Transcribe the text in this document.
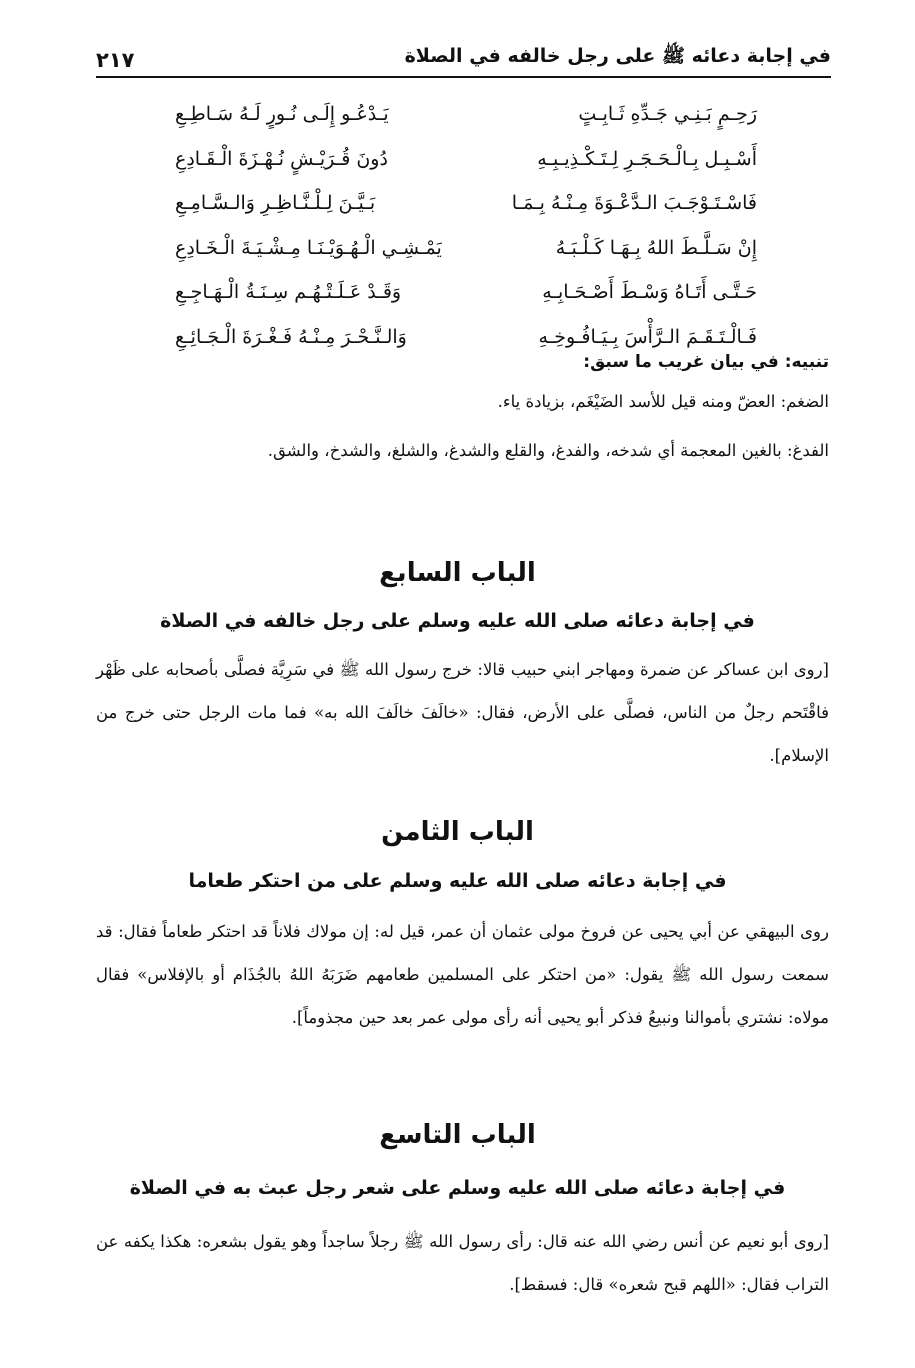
في إجابة دعائه ﷺ على رجل خالفه في الصلاة
٢١٧
رَحِـمٍ بَـنِـي جَـدِّهِ ثَـابِـتٍ
يَـدْعُـو إِلَـى نُـورٍ لَـهُ سَـاطِـعِ
أَسْـبِـل بِـالْـحَـجَـرِ لِـتَـكْـذِيـبِـهِ
دُونَ قُـرَيْـشٍ نُـهْـزَةَ الْـقَـادِعِ
فَاسْـتَـوْجَـبَ الـدَّعْـوَةَ مِـنْـهُ بِـمَـا
بَـيَّـنَ لِـلْـنَّـاظِـرِ وَالـسَّـامِـعِ
إِنْ سَـلَّـطَ اللهُ بِـهَـا كَـلْـبَـهُ
يَمْـشِـي الْـهُـوَيْـنَـا مِـشْـيَـةَ الْـخَـادِعِ
حَـتَّـى أَتَـاهُ وَسْـطَ أَصْـحَـابِـهِ
وَقَـدْ عَـلَـتْـهُـم سِـنَـةُ الْـهَـاجِـعِ
فَـالْـتَـقَـمَ الـرَّأْسَ بِـيَـافُـوخِـهِ
وَالـنَّـحْـرَ مِـنْـهُ فَـغْـرَةَ الْـجَـائِـعِ
تنبيه: في بيان غريب ما سبق:
الضغم: العضّ ومنه قيل للأسد الضَيْغَم، بزيادة ياء.
الفدغ: بالغين المعجمة أي شدخه، والفدغ، والقلع والشدغ، والشلغ، والشدخ، والشق.
الباب السابع
في إجابة دعائه صلى الله عليه وسلم على رجل خالفه في الصلاة
[روى ابن عساكر عن ضمرة ومهاجر ابني حبيب قالا: خرج رسول الله ﷺ في سَرِيَّة فصلَّى بأصحابه على ظَهْر فاقْتَحم رجلٌ من الناس، فصلَّى على الأرض، فقال: «خالَفَ خالَفَ الله به» فما مات الرجل حتى خرج من الإسلام].
الباب الثامن
في إجابة دعائه صلى الله عليه وسلم على من احتكر طعاما
روى البيهقي عن أبي يحيى عن فروخ مولى عثمان أن عمر، قيل له: إن مولاك فلاناً قد احتكر طعاماً فقال: قد سمعت رسول الله ﷺ يقول: «من احتكر على المسلمين طعامهم ضَرَبَهُ اللهُ بالجُذَام أو بالإفلاس» فقال مولاه: نشتري بأموالنا ونبيعُ فذكر أبو يحيى أنه رأى مولى عمر بعد حين مجذوماً].
الباب التاسع
في إجابة دعائه صلى الله عليه وسلم على شعر رجل عبث به في الصلاة
[روى أبو نعيم عن أنس رضي الله عنه قال: رأى رسول الله ﷺ رجلاً ساجداً وهو يقول بشعره: هكذا يكفه عن التراب فقال: «اللهم قبح شعره» قال: فسقط].
